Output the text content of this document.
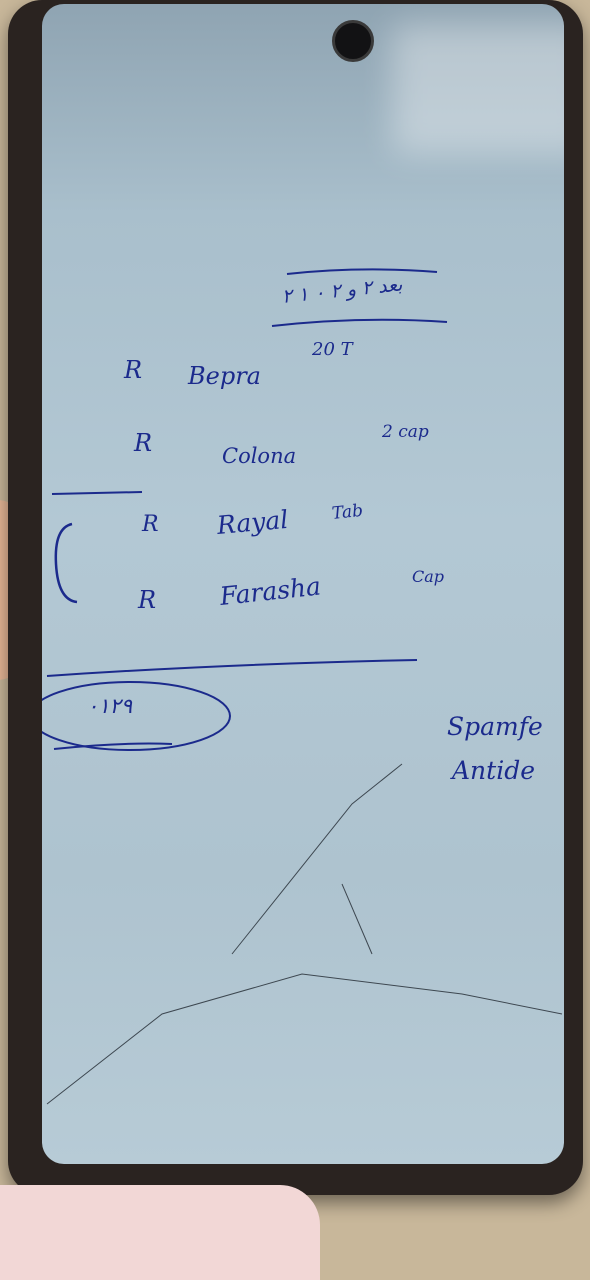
بعد ٢ و ٢ ٠ ١ ٢
R Bepra
20 T
R	Colona
2 cap
R Rayal Tab
R Farasha	Cap
Spamfe
Antide
٠١٢٩
